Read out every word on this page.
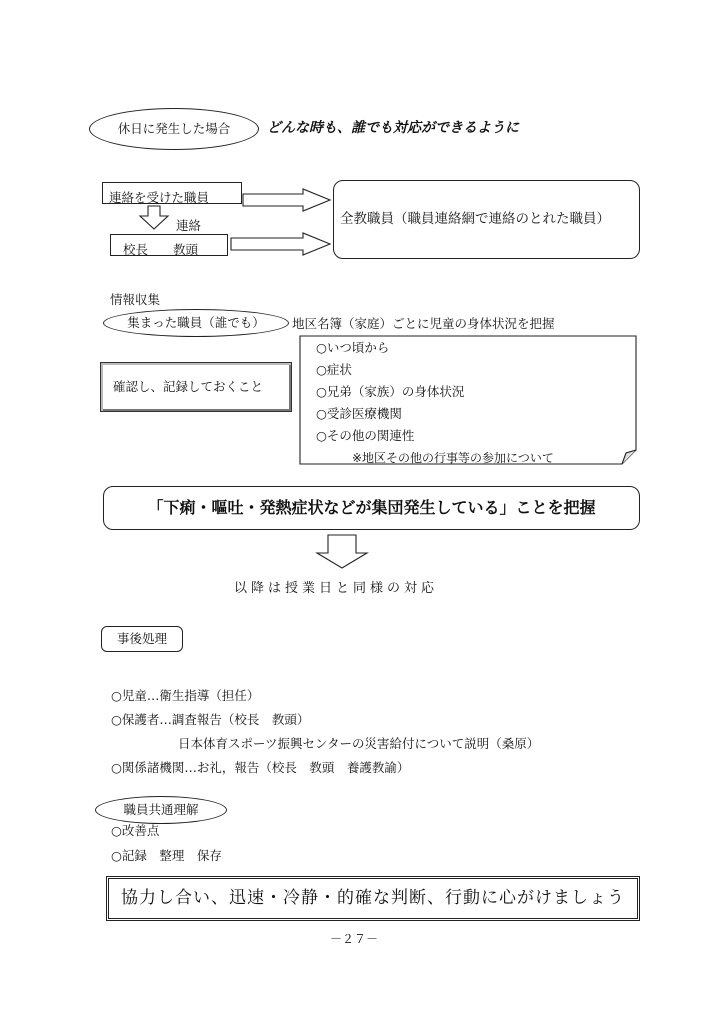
休日に発生した場合	どんな時も、誰でも対応ができるように
連絡を受けた職員
連絡
校長　　教頭
全教職員（職員連絡網で連絡のとれた職員）
情報収集
集まった職員（誰でも） 地区名簿（家庭）ごとに児童の身体状況を把握
確認し、記録しておくこと
○いつ頃から
○症状
○兄弟（家族）の身体状況
○受診医療機関
○その他の関連性
※地区その他の行事等の参加について
「下痢・嘔吐・発熱症状などが集団発生している」ことを把握
以降は授業日と同様の対応
事後処理
○児童…衛生指導（担任）
○保護者…調査報告（校長　教頭）
日本体育スポーツ振興センターの災害給付について説明（桑原）
○関係諸機関…お礼，報告（校長　教頭　養護教諭）
職員共通理解
○改善点
○記録　整理　保存
協力し合い、迅速・冷静・的確な判断、行動に心がけましょう
－２７－
